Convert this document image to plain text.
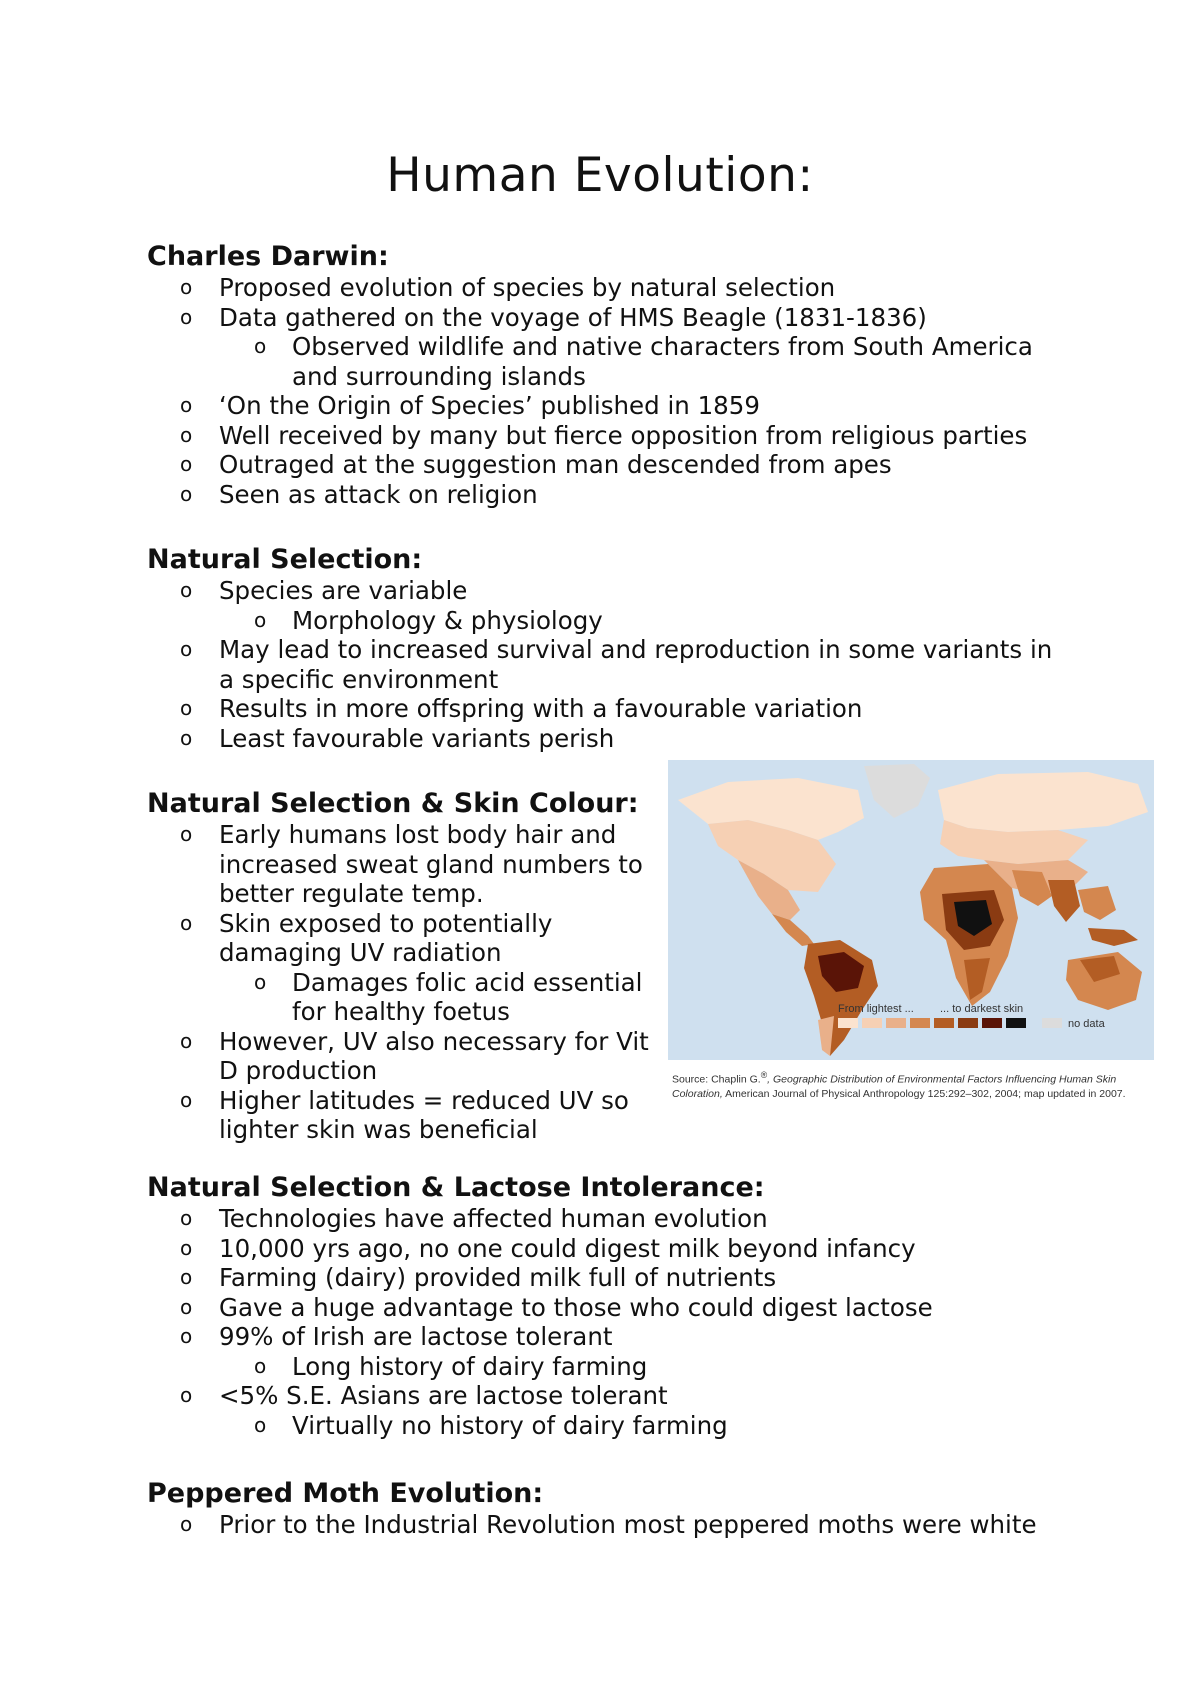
Human Evolution:
Charles Darwin:
o Proposed evolution of species by natural selection
o Data gathered on the voyage of HMS Beagle (1831-1836)
o Observed wildlife and native characters from South America and surrounding islands
o ‘On the Origin of Species’ published in 1859
o Well received by many but fierce opposition from religious parties
o Outraged at the suggestion man descended from apes
o Seen as attack on religion
Natural Selection:
o Species are variable
o Morphology & physiology
o May lead to increased survival and reproduction in some variants in a specific environment
o Results in more offspring with a favourable variation
o Least favourable variants perish
Natural Selection & Skin Colour:
o Early humans lost body hair and increased sweat gland numbers to better regulate temp.
o Skin exposed to potentially damaging UV radiation
o Damages folic acid essential for healthy foetus
o However, UV also necessary for Vit D production
o Higher latitudes = reduced UV so lighter skin was beneficial
From lightest ... ... to darkest skin
no data
Source: Chaplin G.®, Geographic Distribution of Environmental Factors Influencing Human Skin Coloration, American Journal of Physical Anthropology 125:292–302, 2004; map updated in 2007.
Natural Selection & Lactose Intolerance:
o Technologies have affected human evolution
o 10,000 yrs ago, no one could digest milk beyond infancy
o Farming (dairy) provided milk full of nutrients
o Gave a huge advantage to those who could digest lactose
o 99% of Irish are lactose tolerant
o Long history of dairy farming
o <5% S.E. Asians are lactose tolerant
o Virtually no history of dairy farming
Peppered Moth Evolution:
o Prior to the Industrial Revolution most peppered moths were white
